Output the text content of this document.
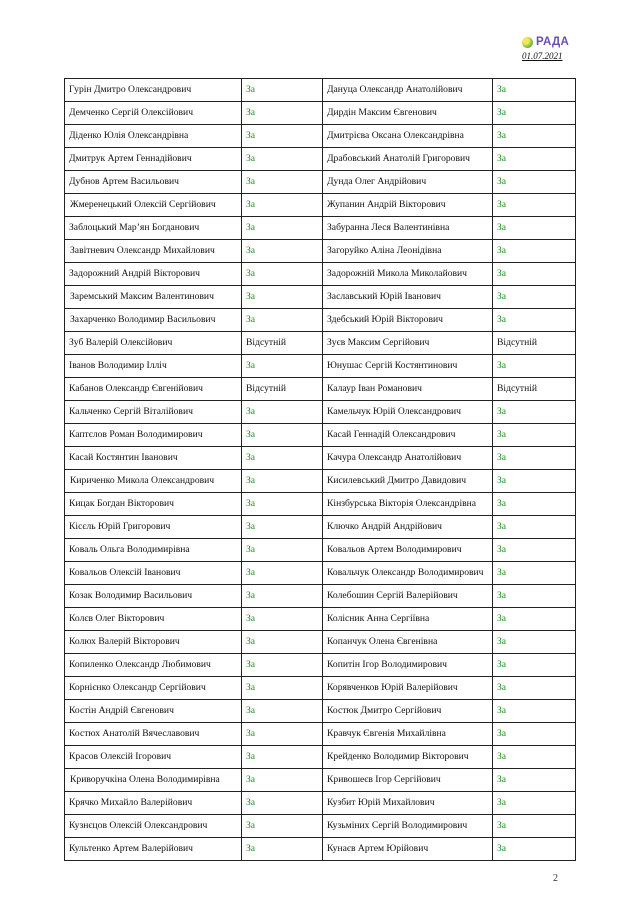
РАДА
01.07.2021
Гурін Дмитро Олександрович	За	Дануца Олександр Анатолійович	За
Демченко Сергій Олексійович	За	Дирдін Максим Євгенович	За
Діденко Юлія Олександрівна	За	Дмитрієва Оксана Олександрівна	За
Дмитрук Артем Геннадійович	За	Драбовський Анатолій Григорович	За
Дубнов Артем Васильович	За	Дунда Олег Андрійович	За
Жмеренецький Олексій Сергійович	За	Жупанин Андрій Вікторович	За
Заблоцький Мар’ян Богданович	За	Забуранна Леся Валентинівна	За
Завітневич Олександр Михайлович	За	Загоруйко Аліна Леонідівна	За
Задорожний Андрій Вікторович	За	Задорожній Микола Миколайович	За
Заремський Максим Валентинович	За	Заславський Юрій Іванович	За
Захарченко Володимир Васильович	За	Здебський Юрій Вікторович	За
Зуб Валерій Олексійович	Відсутній	Зуєв Максим Сергійович	Відсутній
Іванов Володимир Ілліч	За	Юнушас Сергій Костянтинович	За
Кабанов Олександр Євгенійович	Відсутній	Калаур Іван Романович	Відсутній
Кальченко Сергій Віталійович	За	Камельчук Юрій Олександрович	За
Каптєлов Роман Володимирович	За	Касай Геннадій Олександрович	За
Касай Костянтин Іванович	За	Качура Олександр Анатолійович	За
Кириченко Микола Олександрович	За	Кисилевський Дмитро Давидович	За
Кицак Богдан Вікторович	За	Кінзбурська Вікторія Олександрівна	За
Кісєль Юрій Григорович	За	Ключко Андрій Андрійович	За
Коваль Ольга Володимирівна	За	Ковальов Артем Володимирович	За
Ковальов Олексій Іванович	За	Ковальчук Олександр Володимирович	За
Козак Володимир Васильович	За	Колебошин Сергій Валерійович	За
Колєв Олег Вікторович	За	Колісник Анна Сергіївна	За
Колюх Валерій Вікторович	За	Копанчук Олена Євгенівна	За
Копиленко Олександр Любимович	За	Копитін Ігор Володимирович	За
Корнієнко Олександр Сергійович	За	Корявченков Юрій Валерійович	За
Костін Андрій Євгенович	За	Костюк Дмитро Сергійович	За
Костюх Анатолій Вячеславович	За	Кравчук Євгенія Михайлівна	За
Красов Олексій Ігорович	За	Крейденко Володимир Вікторович	За
Криворучкіна Олена Володимирівна	За	Кривошеєв Ігор Сергійович	За
Крячко Михайло Валерійович	За	Кузбит Юрій Михайлович	За
Кузнєцов Олексій Олександрович	За	Кузьміних Сергій Володимирович	За
Культенко Артем Валерійович	За	Кунаєв Артем Юрійович	За
2
